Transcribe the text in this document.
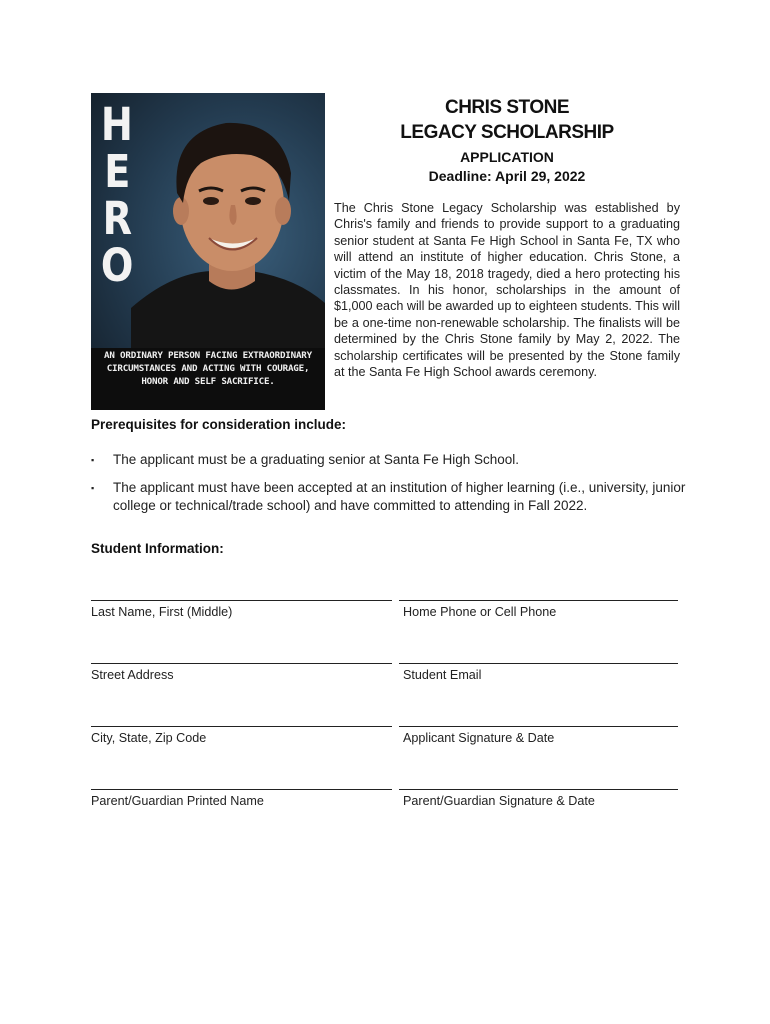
H
E
R
O
AN ORDINARY PERSON FACING EXTRAORDINARY
CIRCUMSTANCES AND ACTING WITH COURAGE,
HONOR AND SELF SACRIFICE.
CHRIS STONE
LEGACY SCHOLARSHIP
APPLICATION
Deadline: April 29, 2022
The Chris Stone Legacy Scholarship was established by Chris's family and friends to provide support to a graduating senior student at Santa Fe High School in Santa Fe, TX who will attend an institute of higher education. Chris Stone, a victim of the May 18, 2018 tragedy, died a hero protecting his classmates. In his honor, scholarships in the amount of $1,000 each will be awarded up to eighteen students. This will be a one-time non-renewable scholarship. The finalists will be determined by the Chris Stone family by May 2, 2022. The scholarship certificates will be presented by the Stone family at the Santa Fe High School awards ceremony.
Prerequisites for consideration include:
▪ The applicant must be a graduating senior at Santa Fe High School.
▪ The applicant must have been accepted at an institution of higher learning (i.e., university, junior college or technical/trade school) and have committed to attending in Fall 2022.
Student Information:
Last Name, First (Middle)	Home Phone or Cell Phone
Street Address	Student Email
City, State, Zip Code	Applicant Signature & Date
Parent/Guardian Printed Name	Parent/Guardian Signature & Date
